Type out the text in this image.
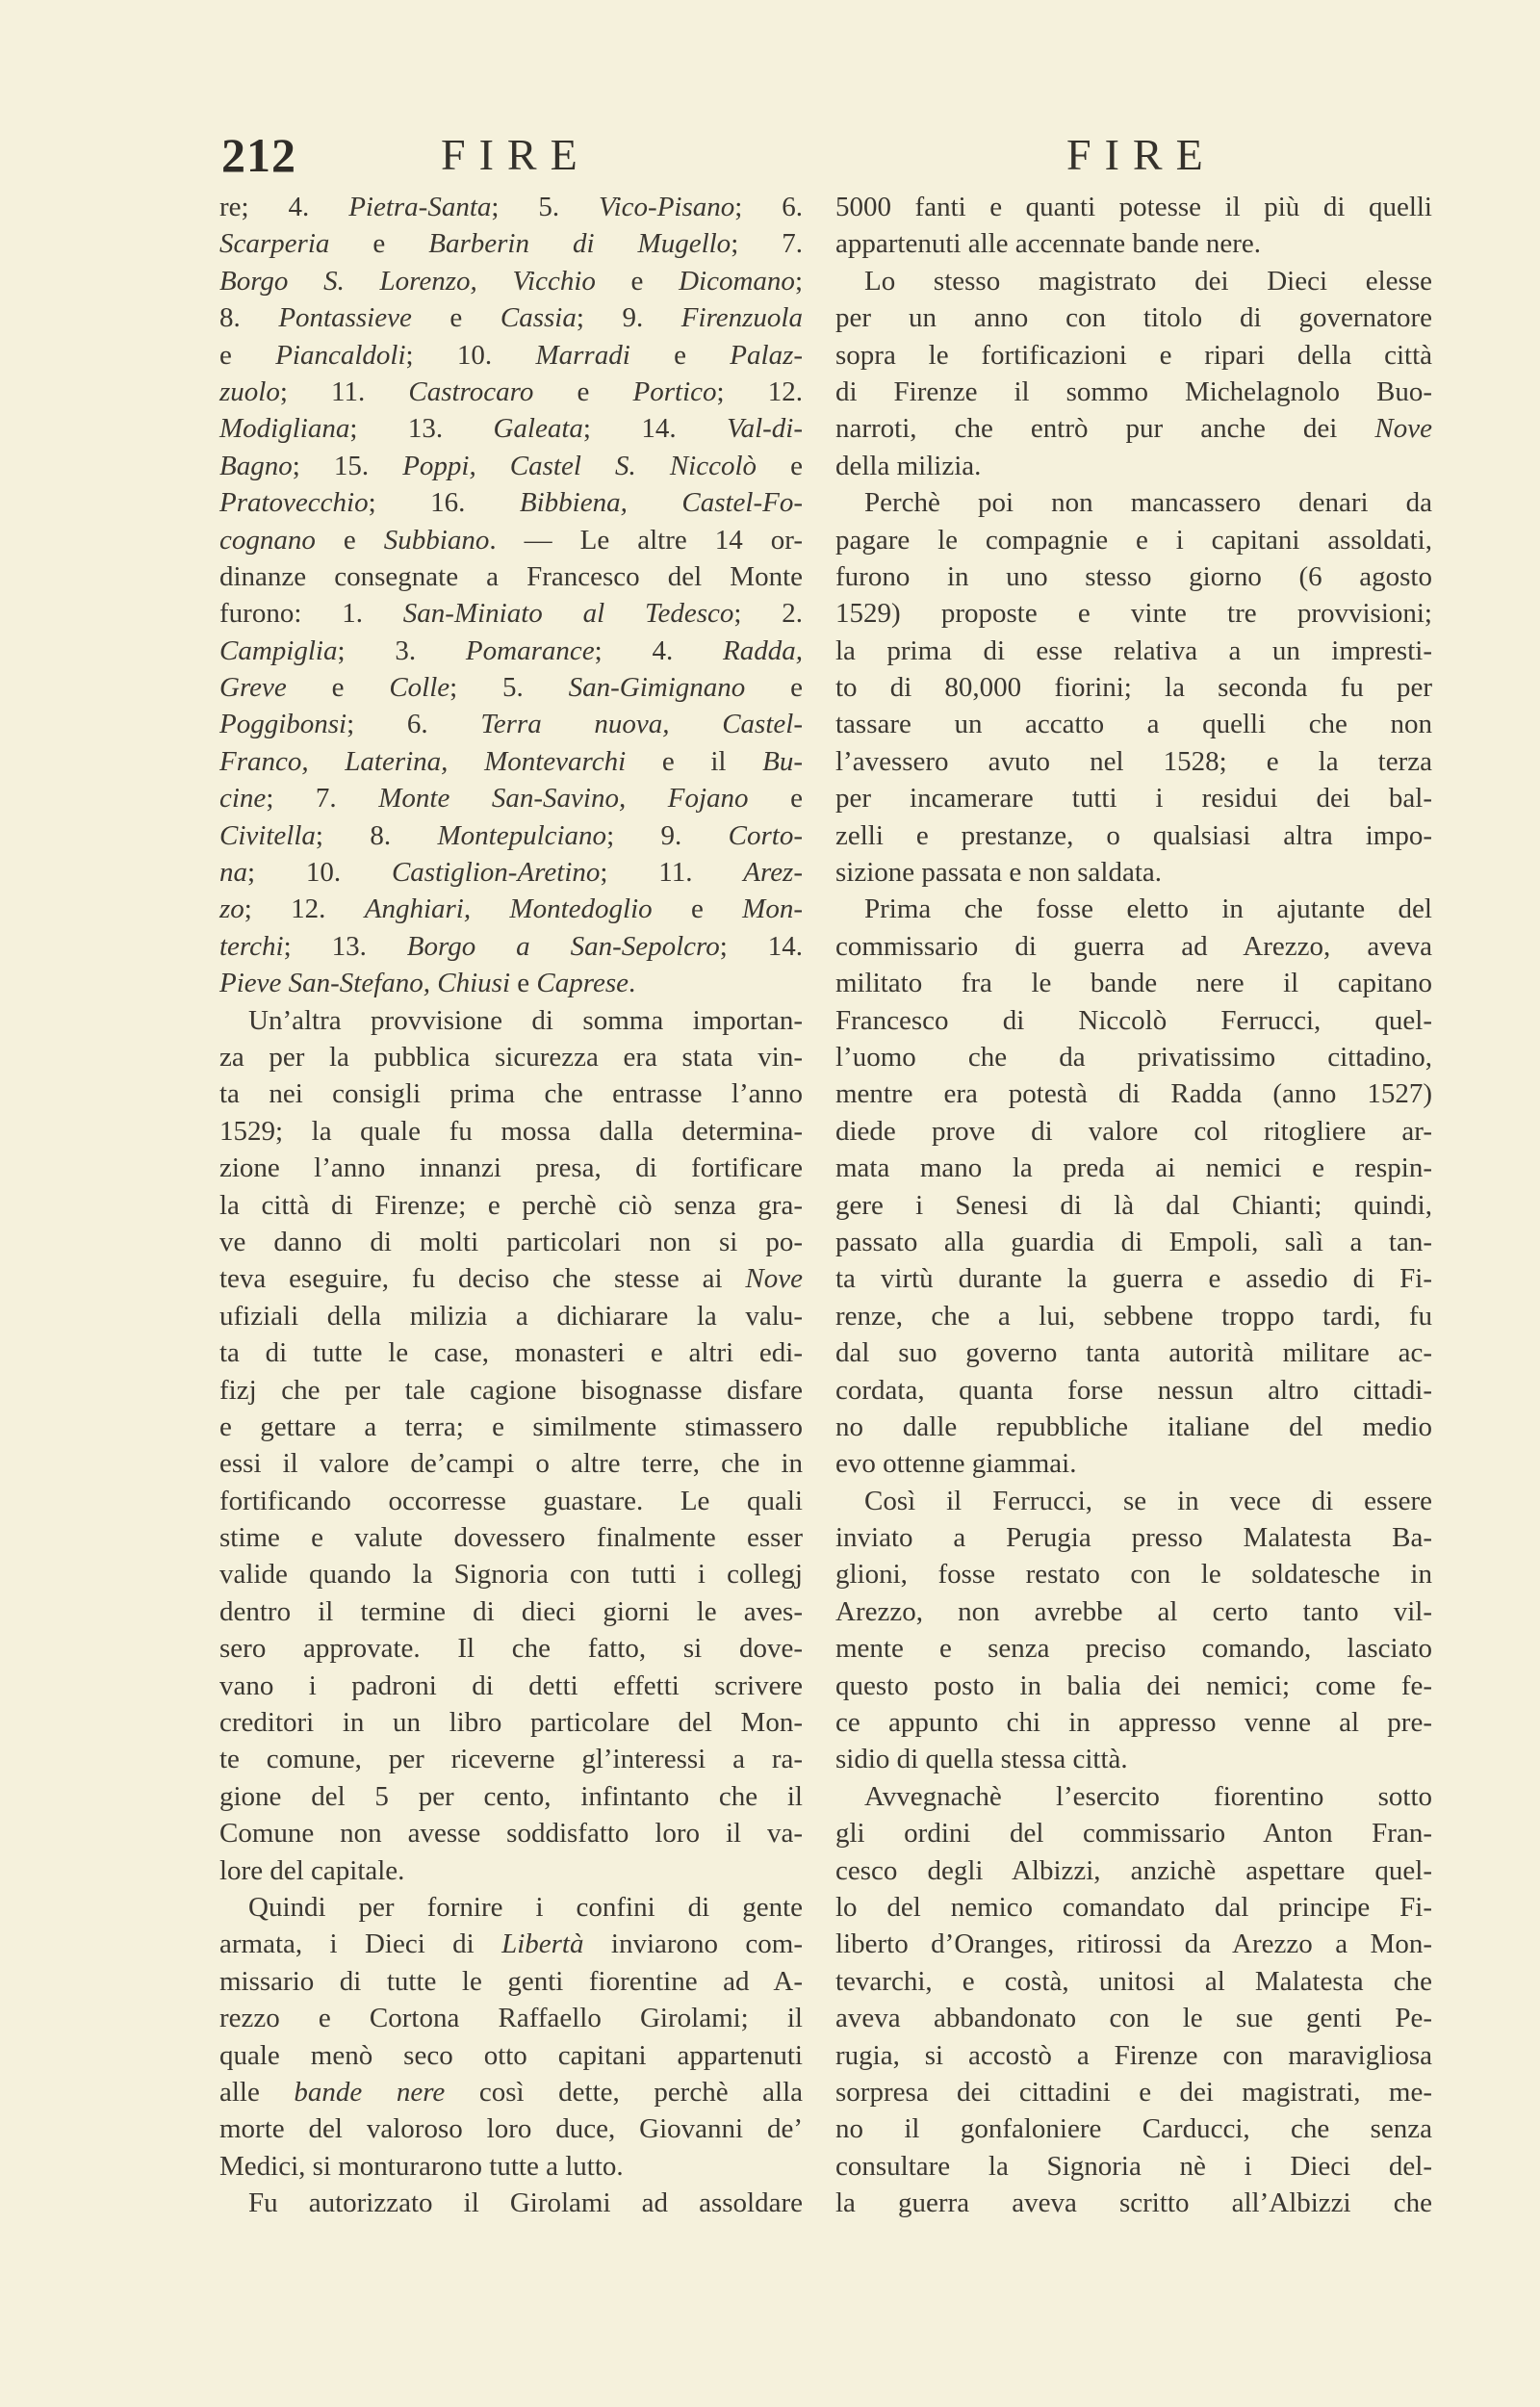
212	FIRE	FIRE
re; 4. Pietra-Santa; 5. Vico-Pisano; 6.
Scarperia e Barberin di Mugello; 7.
Borgo S. Lorenzo, Vicchio e Dicomano;
8. Pontassieve e Cassia; 9. Firenzuola
e Piancaldoli; 10. Marradi e Palaz-
zuolo; 11. Castrocaro e Portico; 12.
Modigliana; 13. Galeata; 14. Val-di-
Bagno; 15. Poppi, Castel S. Niccolò e
Pratovecchio; 16. Bibbiena, Castel-Fo-
cognano e Subbiano. — Le altre 14 or-
dinanze consegnate a Francesco del Monte
furono: 1. San-Miniato al Tedesco; 2.
Campiglia; 3. Pomarance; 4. Radda,
Greve e Colle; 5. San-Gimignano e
Poggibonsi; 6. Terra nuova, Castel-
Franco, Laterina, Montevarchi e il Bu-
cine; 7. Monte San-Savino, Fojano e
Civitella; 8. Montepulciano; 9. Corto-
na; 10. Castiglion-Aretino; 11. Arez-
zo; 12. Anghiari, Montedoglio e Mon-
terchi; 13. Borgo a San-Sepolcro; 14.
Pieve San-Stefano, Chiusi e Caprese.
Un’altra provvisione di somma importan-
za per la pubblica sicurezza era stata vin-
ta nei consigli prima che entrasse l’anno
1529; la quale fu mossa dalla determina-
zione l’anno innanzi presa, di fortificare
la città di Firenze; e perchè ciò senza gra-
ve danno di molti particolari non si po-
teva eseguire, fu deciso che stesse ai Nove
ufiziali della milizia a dichiarare la valu-
ta di tutte le case, monasteri e altri edi-
fizj che per tale cagione bisognasse disfare
e gettare a terra; e similmente stimassero
essi il valore de’campi o altre terre, che in
fortificando occorresse guastare. Le quali
stime e valute dovessero finalmente esser
valide quando la Signoria con tutti i collegj
dentro il termine di dieci giorni le aves-
sero approvate. Il che fatto, si dove-
vano i padroni di detti effetti scrivere
creditori in un libro particolare del Mon-
te comune, per riceverne gl’interessi a ra-
gione del 5 per cento, infintanto che il
Comune non avesse soddisfatto loro il va-
lore del capitale.
Quindi per fornire i confini di gente
armata, i Dieci di Libertà inviarono com-
missario di tutte le genti fiorentine ad A-
rezzo e Cortona Raffaello Girolami; il
quale menò seco otto capitani appartenuti
alle bande nere così dette, perchè alla
morte del valoroso loro duce, Giovanni de’
Medici, si monturarono tutte a lutto.
Fu autorizzato il Girolami ad assoldare
5000 fanti e quanti potesse il più di quelli
appartenuti alle accennate bande nere.
Lo stesso magistrato dei Dieci elesse
per un anno con titolo di governatore
sopra le fortificazioni e ripari della città
di Firenze il sommo Michelagnolo Buo-
narroti, che entrò pur anche dei Nove
della milizia.
Perchè poi non mancassero denari da
pagare le compagnie e i capitani assoldati,
furono in uno stesso giorno (6 agosto
1529) proposte e vinte tre provvisioni;
la prima di esse relativa a un impresti-
to di 80,000 fiorini; la seconda fu per
tassare un accatto a quelli che non
l’avessero avuto nel 1528; e la terza
per incamerare tutti i residui dei bal-
zelli e prestanze, o qualsiasi altra impo-
sizione passata e non saldata.
Prima che fosse eletto in ajutante del
commissario di guerra ad Arezzo, aveva
militato fra le bande nere il capitano
Francesco di Niccolò Ferrucci, quel-
l’uomo che da privatissimo cittadino,
mentre era potestà di Radda (anno 1527)
diede prove di valore col ritogliere ar-
mata mano la preda ai nemici e respin-
gere i Senesi di là dal Chianti; quindi,
passato alla guardia di Empoli, salì a tan-
ta virtù durante la guerra e assedio di Fi-
renze, che a lui, sebbene troppo tardi, fu
dal suo governo tanta autorità militare ac-
cordata, quanta forse nessun altro cittadi-
no dalle repubbliche italiane del medio
evo ottenne giammai.
Così il Ferrucci, se in vece di essere
inviato a Perugia presso Malatesta Ba-
glioni, fosse restato con le soldatesche in
Arezzo, non avrebbe al certo tanto vil-
mente e senza preciso comando, lasciato
questo posto in balia dei nemici; come fe-
ce appunto chi in appresso venne al pre-
sidio di quella stessa città.
Avvegnachè l’esercito fiorentino sotto
gli ordini del commissario Anton Fran-
cesco degli Albizzi, anzichè aspettare quel-
lo del nemico comandato dal principe Fi-
liberto d’Oranges, ritirossi da Arezzo a Mon-
tevarchi, e costà, unitosi al Malatesta che
aveva abbandonato con le sue genti Pe-
rugia, si accostò a Firenze con maravigliosa
sorpresa dei cittadini e dei magistrati, me-
no il gonfaloniere Carducci, che senza
consultare la Signoria nè i Dieci del-
la guerra aveva scritto all’Albizzi che
